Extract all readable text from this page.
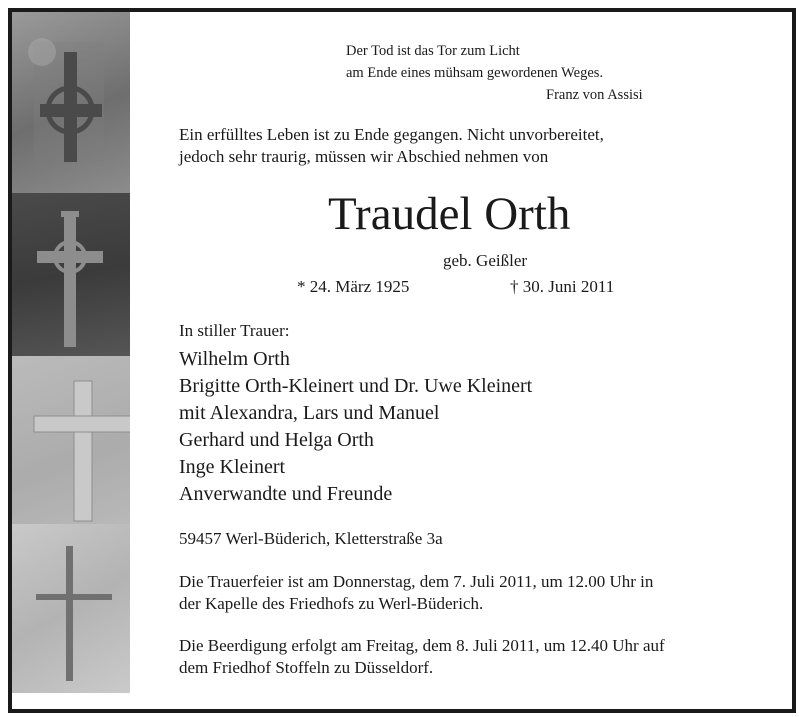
Der Tod ist das Tor zum Licht

am Ende eines mühsam gewordenen Weges.

Franz von Assisi

Ein erfülltes Leben ist zu Ende gegangen. Nicht unvorbereitet,

jedoch sehr traurig, müssen wir Abschied nehmen von

Traudel Orth

geb. Geißler

* 24. März 1925	† 30. Juni 2011

In stiller Trauer:

Wilhelm Orth

Brigitte Orth-Kleinert und Dr. Uwe Kleinert

mit Alexandra, Lars und Manuel

Gerhard und Helga Orth

Inge Kleinert

Anverwandte und Freunde

59457 Werl-Büderich, Kletterstraße 3a

Die Trauerfeier ist am Donnerstag, dem 7. Juli 2011, um 12.00 Uhr in

der Kapelle des Friedhofs zu Werl-Büderich.

Die Beerdigung erfolgt am Freitag, dem 8. Juli 2011, um 12.40 Uhr auf

dem Friedhof Stoffeln zu Düsseldorf.
